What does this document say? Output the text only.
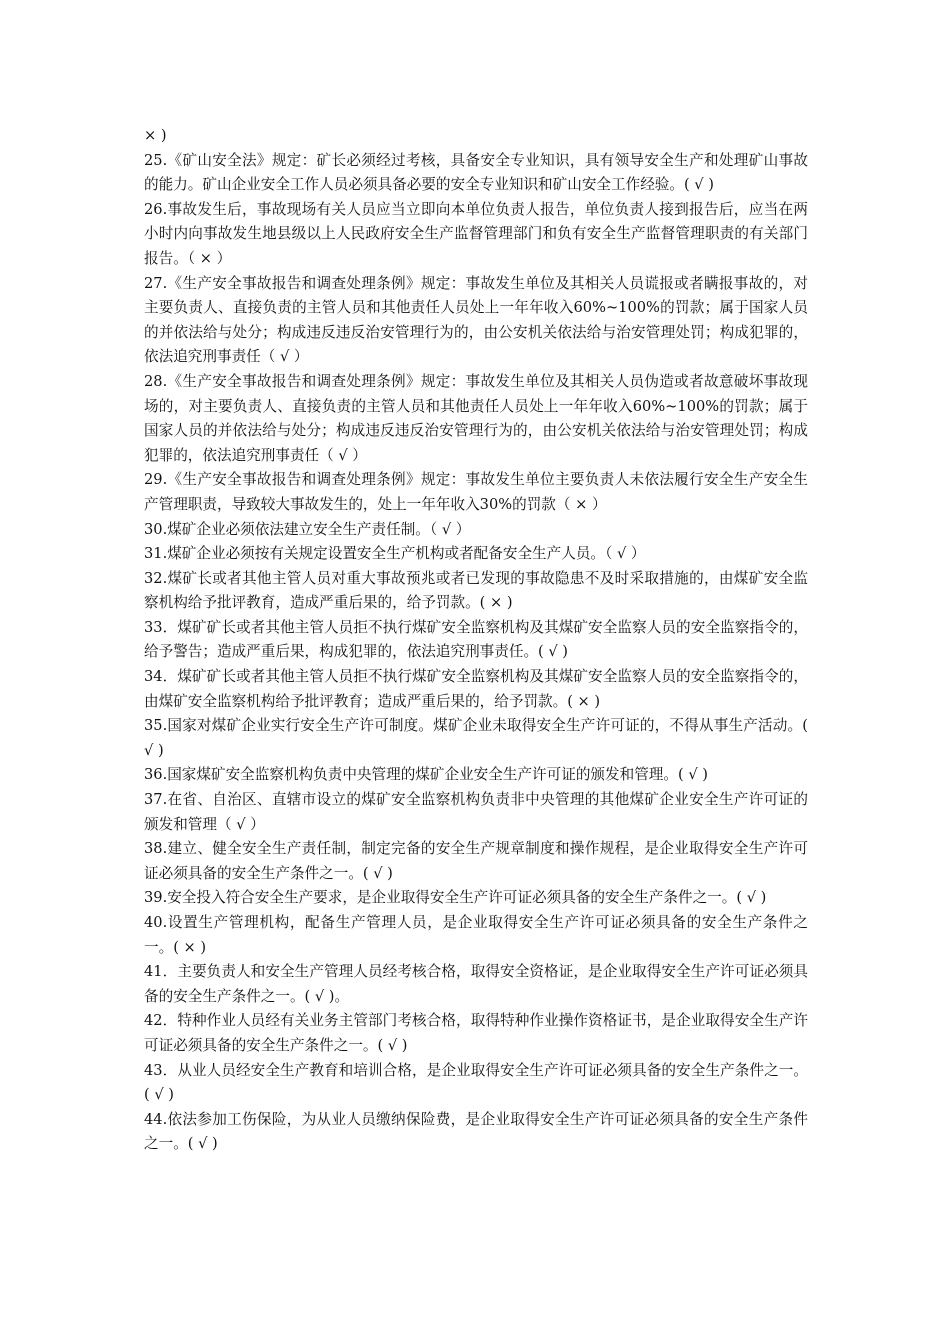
× )

25.《矿山安全法》规定：矿长必须经过考核，具备安全专业知识，具有领导安全生产和处理矿山事故的能力。矿山企业安全工作人员必须具备必要的安全专业知识和矿山安全工作经验。( √ )

26.事故发生后，事故现场有关人员应当立即向本单位负责人报告，单位负责人接到报告后，应当在两小时内向事故发生地县级以上人民政府安全生产监督管理部门和负有安全生产监督管理职责的有关部门报告。（ × ）

27.《生产安全事故报告和调查处理条例》规定：事故发生单位及其相关人员谎报或者瞒报事故的，对主要负责人、直接负责的主管人员和其他责任人员处上一年年收入60%~100%的罚款；属于国家人员的并依法给与处分；构成违反违反治安管理行为的，由公安机关依法给与治安管理处罚；构成犯罪的，依法追究刑事责任（ √ ）

28.《生产安全事故报告和调查处理条例》规定：事故发生单位及其相关人员伪造或者故意破坏事故现场的，对主要负责人、直接负责的主管人员和其他责任人员处上一年年收入60%~100%的罚款；属于国家人员的并依法给与处分；构成违反违反治安管理行为的，由公安机关依法给与治安管理处罚；构成犯罪的，依法追究刑事责任（ √ ）

29.《生产安全事故报告和调查处理条例》规定：事故发生单位主要负责人未依法履行安全生产安全生产管理职责，导致较大事故发生的，处上一年年收入30%的罚款（ × ）

30.煤矿企业必须依法建立安全生产责任制。（ √ ）

31.煤矿企业必须按有关规定设置安全生产机构或者配备安全生产人员。（ √ ）

32.煤矿长或者其他主管人员对重大事故预兆或者已发现的事故隐患不及时采取措施的，由煤矿安全监察机构给予批评教育，造成严重后果的，给予罚款。( × )

33．煤矿矿长或者其他主管人员拒不执行煤矿安全监察机构及其煤矿安全监察人员的安全监察指令的，给予警告；造成严重后果，构成犯罪的，依法追究刑事责任。( √ )

34．煤矿矿长或者其他主管人员拒不执行煤矿安全监察机构及其煤矿安全监察人员的安全监察指令的，由煤矿安全监察机构给予批评教育；造成严重后果的，给予罚款。( × )

35.国家对煤矿企业实行安全生产许可制度。煤矿企业未取得安全生产许可证的，不得从事生产活动。( √ )

36.国家煤矿安全监察机构负责中央管理的煤矿企业安全生产许可证的颁发和管理。( √ )

37.在省、自治区、直辖市设立的煤矿安全监察机构负责非中央管理的其他煤矿企业安全生产许可证的颁发和管理（ √ ）

38.建立、健全安全生产责任制，制定完备的安全生产规章制度和操作规程，是企业取得安全生产许可证必须具备的安全生产条件之一。( √ )

39.安全投入符合安全生产要求，是企业取得安全生产许可证必须具备的安全生产条件之一。( √ )

40.设置生产管理机构，配备生产管理人员，是企业取得安全生产许可证必须具备的安全生产条件之一。( × )

41．主要负责人和安全生产管理人员经考核合格，取得安全资格证，是企业取得安全生产许可证必须具备的安全生产条件之一。( √ )。

42．特种作业人员经有关业务主管部门考核合格，取得特种作业操作资格证书，是企业取得安全生产许可证必须具备的安全生产条件之一。( √ )

43．从业人员经安全生产教育和培训合格，是企业取得安全生产许可证必须具备的安全生产条件之一。( √ )

44.依法参加工伤保险，为从业人员缴纳保险费，是企业取得安全生产许可证必须具备的安全生产条件之一。( √ )
